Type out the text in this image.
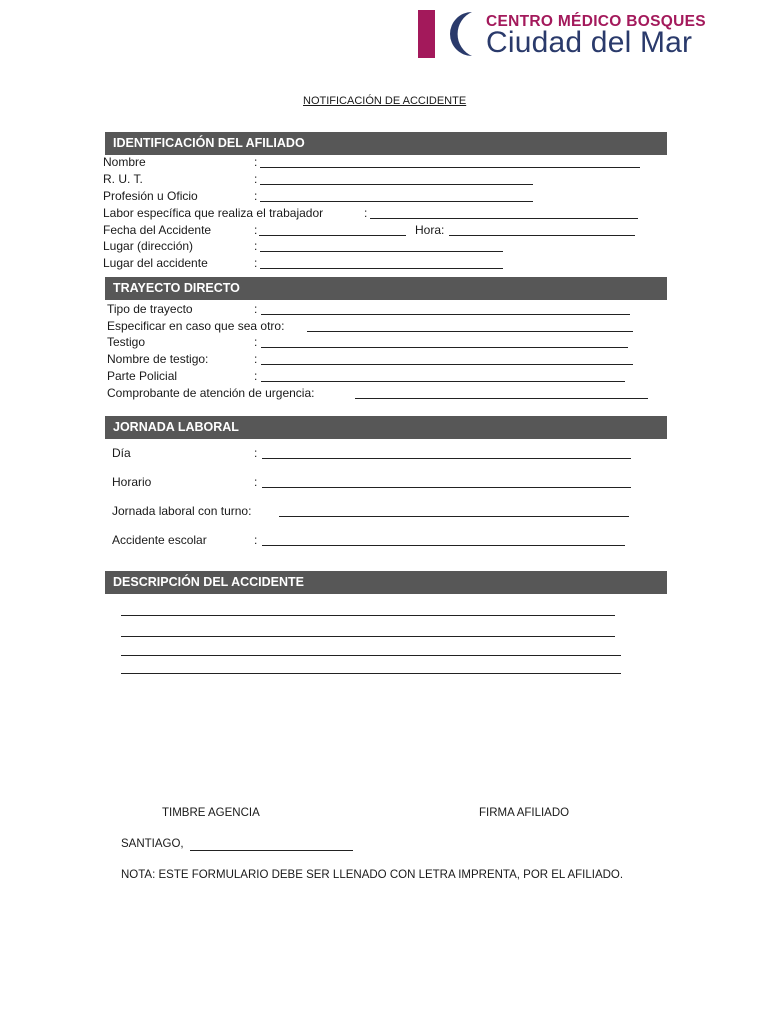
CENTRO MÉDICO BOSQUES
Ciudad del Mar
NOTIFICACIÓN DE ACCIDENTE
IDENTIFICACIÓN DEL AFILIADO
Nombre	:
R. U. T.	:
Profesión u Oficio	:
Labor específica que realiza el trabajador	:
Fecha del Accidente	:	Hora:
Lugar (dirección)	:
Lugar del accidente	:
TRAYECTO DIRECTO
Tipo de trayecto	:
Especificar en caso que sea otro:
Testigo	:
Nombre de testigo:	:
Parte Policial	:
Comprobante de atención de urgencia:
JORNADA LABORAL
Día	:
Horario	:
Jornada laboral con turno:
Accidente escolar	:
DESCRIPCIÓN DEL ACCIDENTE
TIMBRE AGENCIA	FIRMA AFILIADO
SANTIAGO,
NOTA: ESTE FORMULARIO DEBE SER LLENADO CON LETRA IMPRENTA, POR EL AFILIADO.
